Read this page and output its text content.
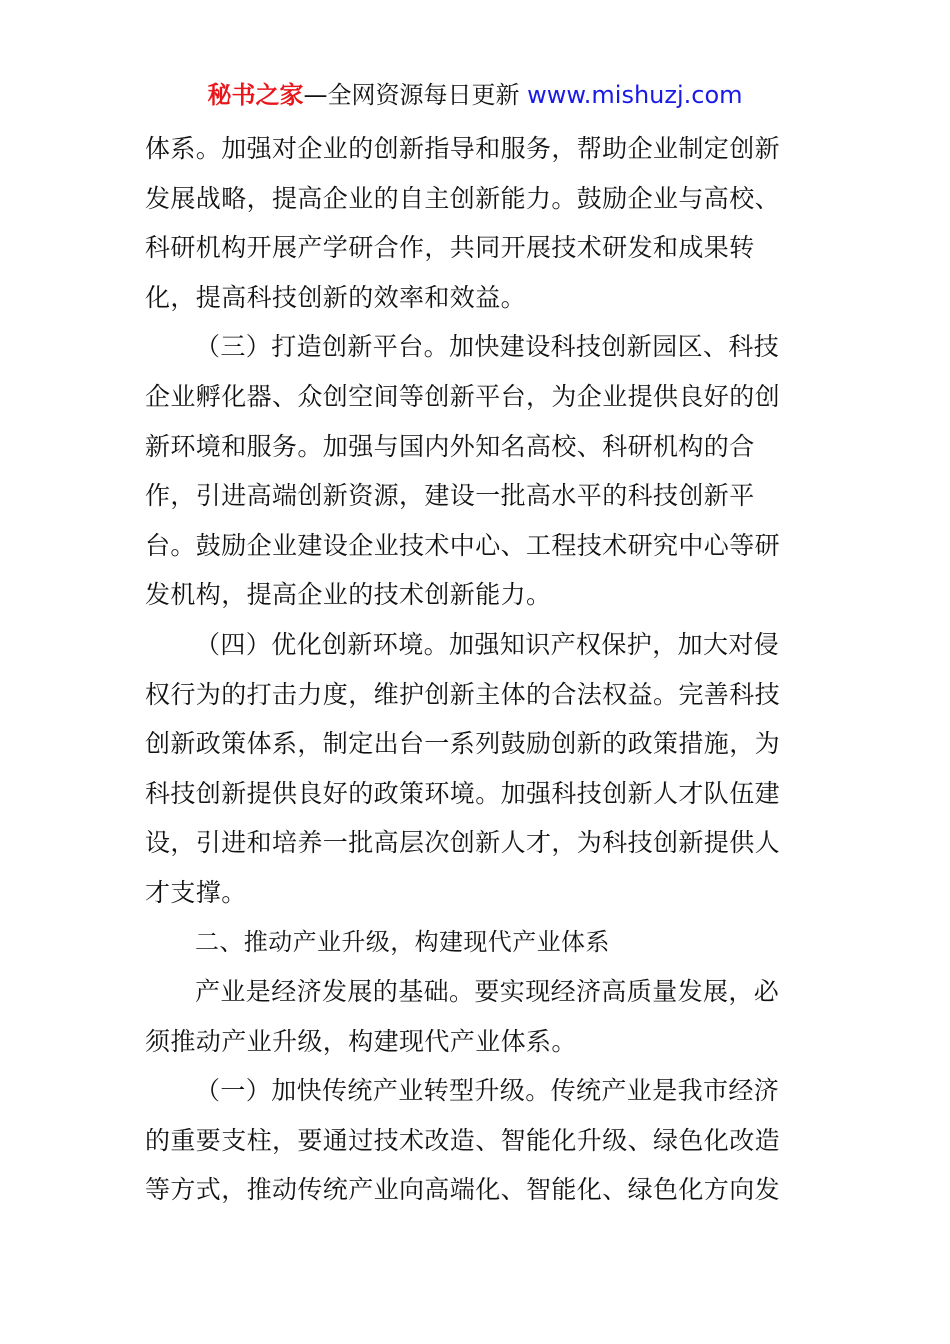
秘书之家—全网资源每日更新 www.mishuzj.com
体系。加强对企业的创新指导和服务，帮助企业制定创新
发展战略，提高企业的自主创新能力。鼓励企业与高校、
科研机构开展产学研合作，共同开展技术研发和成果转
化，提高科技创新的效率和效益。
（三）打造创新平台。加快建设科技创新园区、科技
企业孵化器、众创空间等创新平台，为企业提供良好的创
新环境和服务。加强与国内外知名高校、科研机构的合
作，引进高端创新资源，建设一批高水平的科技创新平
台。鼓励企业建设企业技术中心、工程技术研究中心等研
发机构，提高企业的技术创新能力。
（四）优化创新环境。加强知识产权保护，加大对侵
权行为的打击力度，维护创新主体的合法权益。完善科技
创新政策体系，制定出台一系列鼓励创新的政策措施，为
科技创新提供良好的政策环境。加强科技创新人才队伍建
设，引进和培养一批高层次创新人才，为科技创新提供人
才支撑。
二、推动产业升级，构建现代产业体系
产业是经济发展的基础。要实现经济高质量发展，必
须推动产业升级，构建现代产业体系。
（一）加快传统产业转型升级。传统产业是我市经济
的重要支柱，要通过技术改造、智能化升级、绿色化改造
等方式，推动传统产业向高端化、智能化、绿色化方向发
